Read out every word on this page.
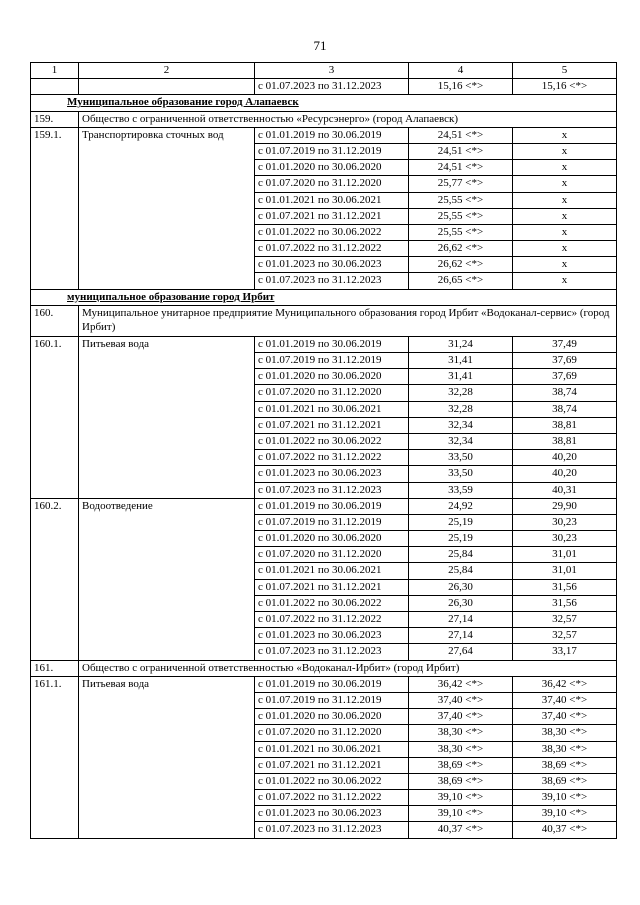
71
1	2	3	4	5
		с 01.07.2023 по 31.12.2023	15,16 <*>	15,16 <*>
Муниципальное образование город Алапаевск				
159.	Общество с ограниченной ответственностью «Ресурсэнерго» (город Алапаевск)			
159.1.	Транспортировка сточных вод	с 01.01.2019 по 30.06.2019	24,51 <*>	x
		с 01.07.2019 по 31.12.2019	24,51 <*>	x
		с 01.01.2020 по 30.06.2020	24,51 <*>	x
		с 01.07.2020 по 31.12.2020	25,77 <*>	x
		с 01.01.2021 по 30.06.2021	25,55 <*>	x
		с 01.07.2021 по 31.12.2021	25,55 <*>	x
		с 01.01.2022 по 30.06.2022	25,55 <*>	x
		с 01.07.2022 по 31.12.2022	26,62 <*>	x
		с 01.01.2023 по 30.06.2023	26,62 <*>	x
		с 01.07.2023 по 31.12.2023	26,65 <*>	x
муниципальное образование город Ирбит				
160.	Муниципальное унитарное предприятие Муниципального образования город Ирбит «Водоканал-сервис» (город Ирбит)			
160.1.	Питьевая вода	с 01.01.2019 по 30.06.2019	31,24	37,49
		с 01.07.2019 по 31.12.2019	31,41	37,69
		с 01.01.2020 по 30.06.2020	31,41	37,69
		с 01.07.2020 по 31.12.2020	32,28	38,74
		с 01.01.2021 по 30.06.2021	32,28	38,74
		с 01.07.2021 по 31.12.2021	32,34	38,81
		с 01.01.2022 по 30.06.2022	32,34	38,81
		с 01.07.2022 по 31.12.2022	33,50	40,20
		с 01.01.2023 по 30.06.2023	33,50	40,20
		с 01.07.2023 по 31.12.2023	33,59	40,31
160.2.	Водоотведение	с 01.01.2019 по 30.06.2019	24,92	29,90
		с 01.07.2019 по 31.12.2019	25,19	30,23
		с 01.01.2020 по 30.06.2020	25,19	30,23
		с 01.07.2020 по 31.12.2020	25,84	31,01
		с 01.01.2021 по 30.06.2021	25,84	31,01
		с 01.07.2021 по 31.12.2021	26,30	31,56
		с 01.01.2022 по 30.06.2022	26,30	31,56
		с 01.07.2022 по 31.12.2022	27,14	32,57
		с 01.01.2023 по 30.06.2023	27,14	32,57
		с 01.07.2023 по 31.12.2023	27,64	33,17
161.	Общество с ограниченной ответственностью «Водоканал-Ирбит» (город Ирбит)			
161.1.	Питьевая вода	с 01.01.2019 по 30.06.2019	36,42 <*>	36,42 <*>
		с 01.07.2019 по 31.12.2019	37,40 <*>	37,40 <*>
		с 01.01.2020 по 30.06.2020	37,40 <*>	37,40 <*>
		с 01.07.2020 по 31.12.2020	38,30 <*>	38,30 <*>
		с 01.01.2021 по 30.06.2021	38,30 <*>	38,30 <*>
		с 01.07.2021 по 31.12.2021	38,69 <*>	38,69 <*>
		с 01.01.2022 по 30.06.2022	38,69 <*>	38,69 <*>
		с 01.07.2022 по 31.12.2022	39,10 <*>	39,10 <*>
		с 01.01.2023 по 30.06.2023	39,10 <*>	39,10 <*>
		с 01.07.2023 по 31.12.2023	40,37 <*>	40,37 <*>
